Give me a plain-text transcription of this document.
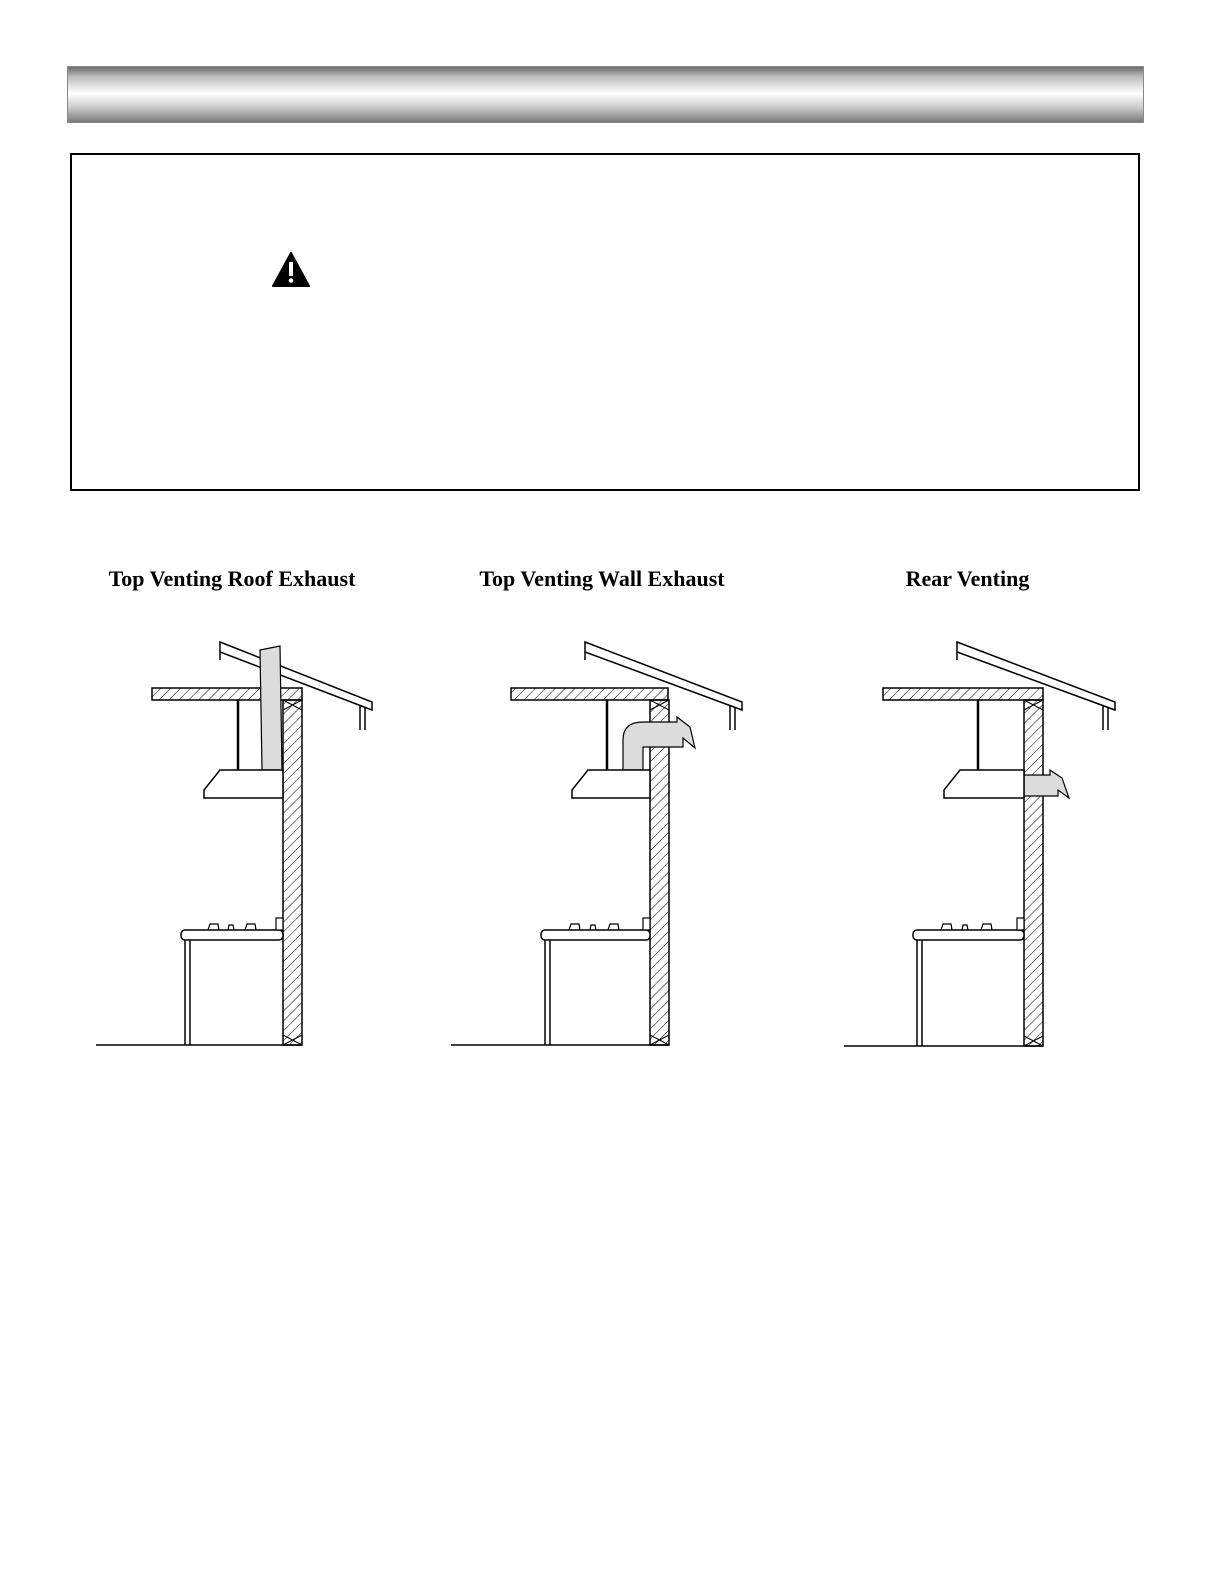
Top Venting Roof Exhaust	Top Venting Wall Exhaust	Rear Venting
